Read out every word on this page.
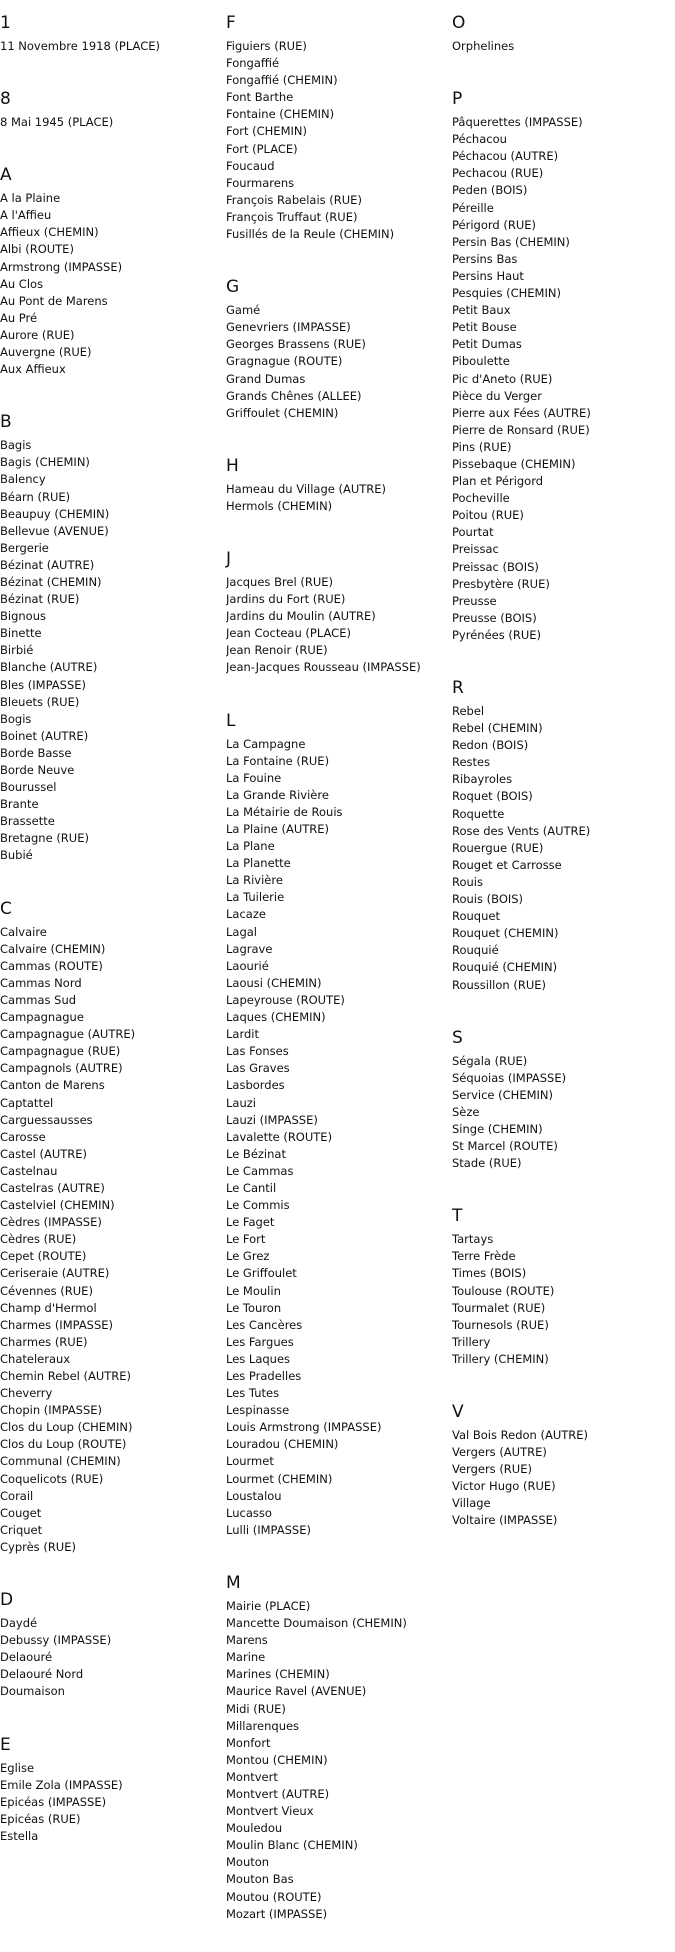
1
11 Novembre 1918 (PLACE)
8
8 Mai 1945 (PLACE)
A
A la Plaine
A l'Affieu
Affieux (CHEMIN)
Albi (ROUTE)
Armstrong (IMPASSE)
Au Clos
Au Pont de Marens
Au Pré
Aurore (RUE)
Auvergne (RUE)
Aux Affieux
B
Bagis
Bagis (CHEMIN)
Balency
Béarn (RUE)
Beaupuy (CHEMIN)
Bellevue (AVENUE)
Bergerie
Bézinat (AUTRE)
Bézinat (CHEMIN)
Bézinat (RUE)
Bignous
Binette
Birbié
Blanche (AUTRE)
Bles (IMPASSE)
Bleuets (RUE)
Bogis
Boinet (AUTRE)
Borde Basse
Borde Neuve
Bourussel
Brante
Brassette
Bretagne (RUE)
Bubié
C
Calvaire
Calvaire (CHEMIN)
Cammas (ROUTE)
Cammas Nord
Cammas Sud
Campagnague
Campagnague (AUTRE)
Campagnague (RUE)
Campagnols (AUTRE)
Canton de Marens
Captattel
Carguessausses
Carosse
Castel (AUTRE)
Castelnau
Castelras (AUTRE)
Castelviel (CHEMIN)
Cèdres (IMPASSE)
Cèdres (RUE)
Cepet (ROUTE)
Ceriseraie (AUTRE)
Cévennes (RUE)
Champ d'Hermol
Charmes (IMPASSE)
Charmes (RUE)
Chateleraux
Chemin Rebel (AUTRE)
Cheverry
Chopin (IMPASSE)
Clos du Loup (CHEMIN)
Clos du Loup (ROUTE)
Communal (CHEMIN)
Coquelicots (RUE)
Corail
Couget
Criquet
Cyprès (RUE)
D
Daydé
Debussy (IMPASSE)
Delaouré
Delaouré Nord
Doumaison
E
Eglise
Emile Zola (IMPASSE)
Epicéas (IMPASSE)
Epicéas (RUE)
Estella
F
Figuiers (RUE)
Fongaffié
Fongaffié (CHEMIN)
Font Barthe
Fontaine (CHEMIN)
Fort (CHEMIN)
Fort (PLACE)
Foucaud
Fourmarens
François Rabelais (RUE)
François Truffaut (RUE)
Fusillés de la Reule (CHEMIN)
G
Gamé
Genevriers (IMPASSE)
Georges Brassens (RUE)
Gragnague (ROUTE)
Grand Dumas
Grands Chênes (ALLEE)
Griffoulet (CHEMIN)
H
Hameau du Village (AUTRE)
Hermols (CHEMIN)
J
Jacques Brel (RUE)
Jardins du Fort (RUE)
Jardins du Moulin (AUTRE)
Jean Cocteau (PLACE)
Jean Renoir (RUE)
Jean-Jacques Rousseau (IMPASSE)
L
La Campagne
La Fontaine (RUE)
La Fouine
La Grande Rivière
La Métairie de Rouis
La Plaine (AUTRE)
La Plane
La Planette
La Rivière
La Tuilerie
Lacaze
Lagal
Lagrave
Laourié
Laousi (CHEMIN)
Lapeyrouse (ROUTE)
Laques (CHEMIN)
Lardit
Las Fonses
Las Graves
Lasbordes
Lauzi
Lauzi (IMPASSE)
Lavalette (ROUTE)
Le Bézinat
Le Cammas
Le Cantil
Le Commis
Le Faget
Le Fort
Le Grez
Le Griffoulet
Le Moulin
Le Touron
Les Cancères
Les Fargues
Les Laques
Les Pradelles
Les Tutes
Lespinasse
Louis Armstrong (IMPASSE)
Louradou (CHEMIN)
Lourmet
Lourmet (CHEMIN)
Loustalou
Lucasso
Lulli (IMPASSE)
M
Mairie (PLACE)
Mancette Doumaison (CHEMIN)
Marens
Marine
Marines (CHEMIN)
Maurice Ravel (AVENUE)
Midi (RUE)
Millarenques
Monfort
Montou (CHEMIN)
Montvert
Montvert (AUTRE)
Montvert Vieux
Mouledou
Moulin Blanc (CHEMIN)
Mouton
Mouton Bas
Moutou (ROUTE)
Mozart (IMPASSE)
O
Orphelines
P
Pâquerettes (IMPASSE)
Péchacou
Péchacou (AUTRE)
Pechacou (RUE)
Peden (BOIS)
Péreille
Périgord (RUE)
Persin Bas (CHEMIN)
Persins Bas
Persins Haut
Pesquies (CHEMIN)
Petit Baux
Petit Bouse
Petit Dumas
Piboulette
Pic d'Aneto (RUE)
Pièce du Verger
Pierre aux Fées (AUTRE)
Pierre de Ronsard (RUE)
Pins (RUE)
Pissebaque (CHEMIN)
Plan et Périgord
Pocheville
Poitou (RUE)
Pourtat
Preissac
Preissac (BOIS)
Presbytère (RUE)
Preusse
Preusse (BOIS)
Pyrénées (RUE)
R
Rebel
Rebel (CHEMIN)
Redon (BOIS)
Restes
Ribayroles
Roquet (BOIS)
Roquette
Rose des Vents (AUTRE)
Rouergue (RUE)
Rouget et Carrosse
Rouis
Rouis (BOIS)
Rouquet
Rouquet (CHEMIN)
Rouquié
Rouquié (CHEMIN)
Roussillon (RUE)
S
Ségala (RUE)
Séquoias (IMPASSE)
Service (CHEMIN)
Sèze
Singe (CHEMIN)
St Marcel (ROUTE)
Stade (RUE)
T
Tartays
Terre Frède
Times (BOIS)
Toulouse (ROUTE)
Tourmalet (RUE)
Tournesols (RUE)
Trillery
Trillery (CHEMIN)
V
Val Bois Redon (AUTRE)
Vergers (AUTRE)
Vergers (RUE)
Victor Hugo (RUE)
Village
Voltaire (IMPASSE)
